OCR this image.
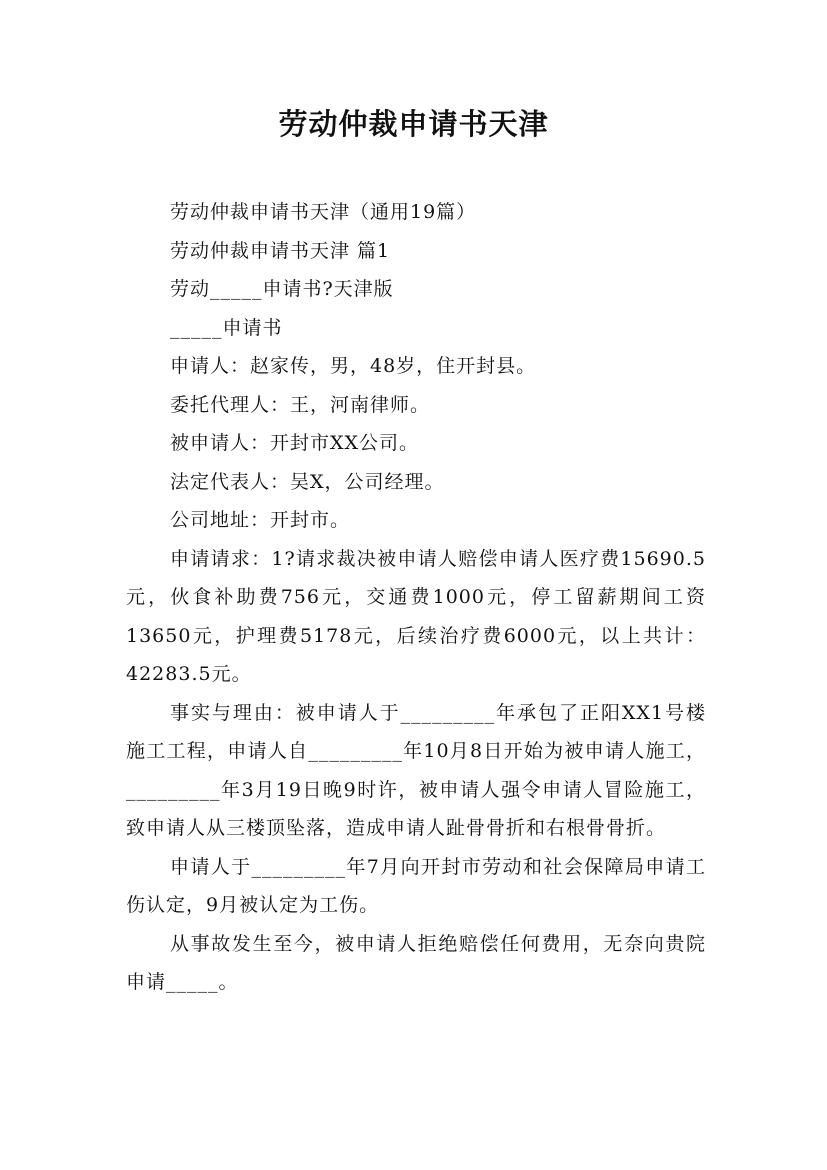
劳动仲裁申请书天津

劳动仲裁申请书天津（通用19篇）

劳动仲裁申请书天津 篇1

劳动_____申请书?天津版

_____申请书

申请人：赵家传，男，48岁，住开封县。

委托代理人：王，河南律师。

被申请人：开封市XX公司。

法定代表人：吴X，公司经理。

公司地址：开封市。

申请请求：1?请求裁决被申请人赔偿申请人医疗费15690.5元，伙食补助费756元，交通费1000元，停工留薪期间工资13650元，护理费5178元，后续治疗费6000元，以上共计：42283.5元。

事实与理由：被申请人于_________年承包了正阳XX1号楼施工工程，申请人自_________年10月8日开始为被申请人施工，_________年3月19日晚9时许，被申请人强令申请人冒险施工，致申请人从三楼顶坠落，造成申请人趾骨骨折和右根骨骨折。

申请人于_________年7月向开封市劳动和社会保障局申请工伤认定，9月被认定为工伤。

从事故发生至今，被申请人拒绝赔偿任何费用，无奈向贵院申请_____。
